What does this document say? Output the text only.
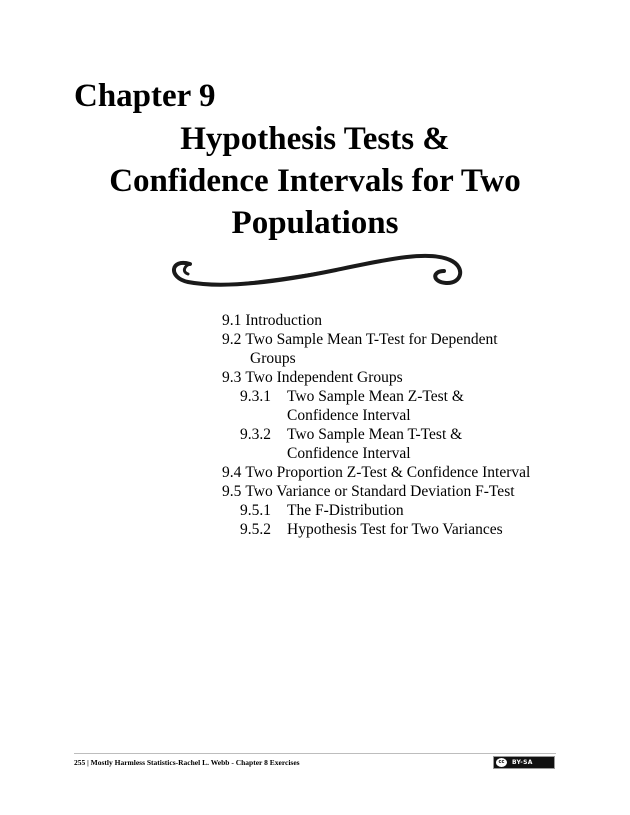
Chapter 9
Hypothesis Tests &
Confidence Intervals for Two
Populations
9.1 Introduction
9.2 Two Sample Mean T-Test for Dependent
Groups
9.3 Two Independent Groups
9.3.1	Two Sample Mean Z-Test &
Confidence Interval
9.3.2	Two Sample Mean T-Test &
Confidence Interval
9.4 Two Proportion Z-Test & Confidence Interval
9.5 Two Variance or Standard Deviation F-Test
9.5.1	The F-Distribution
9.5.2	Hypothesis Test for Two Variances
255 | Mostly Harmless Statistics-Rachel L. Webb - Chapter 8 Exercises	cc	BY-SA
